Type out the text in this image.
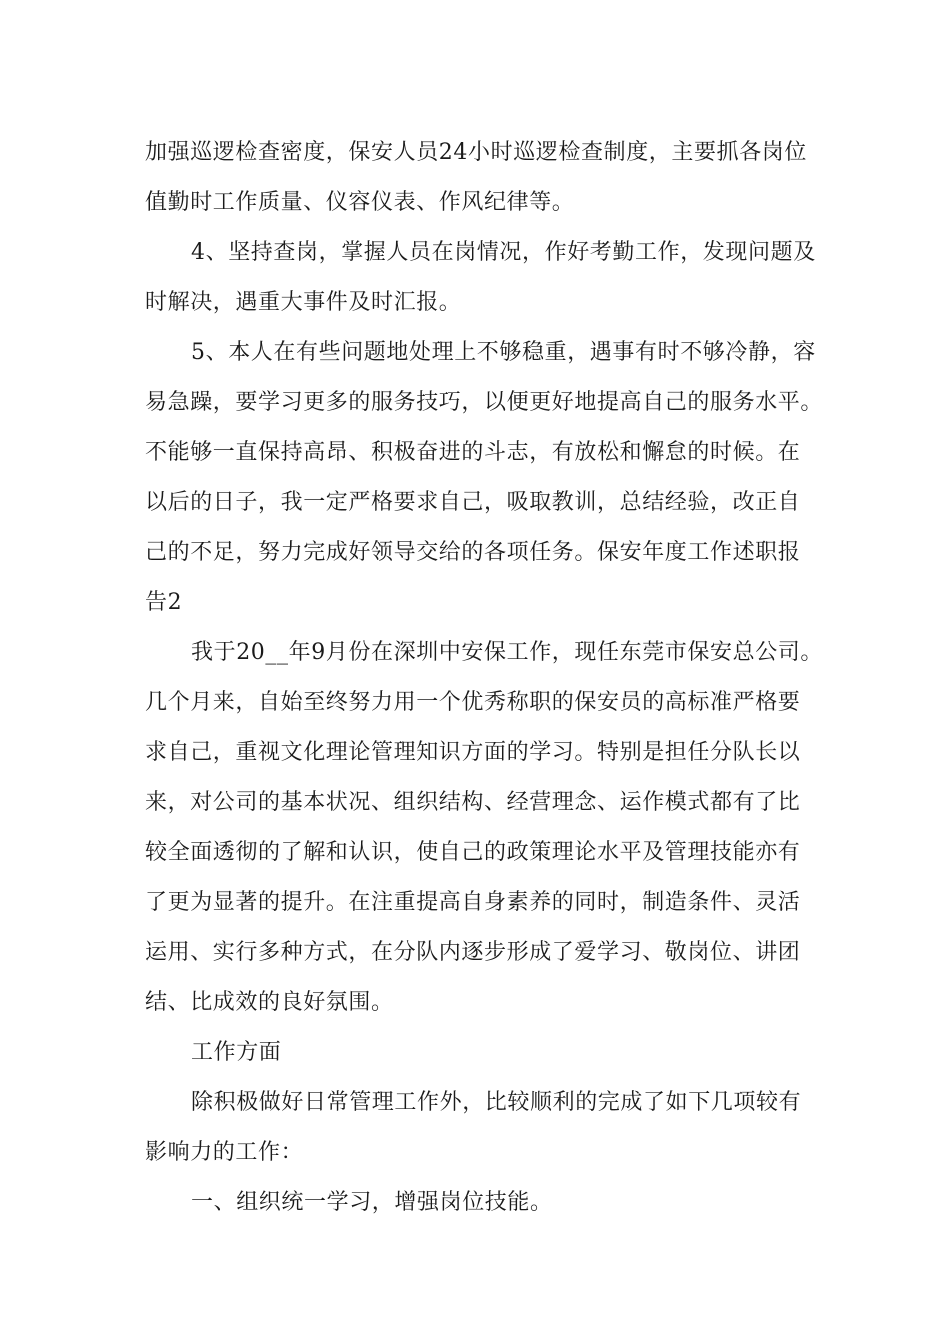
加强巡逻检查密度，保安人员24小时巡逻检查制度，主要抓各岗位
值勤时工作质量、仪容仪表、作风纪律等。
4、坚持查岗，掌握人员在岗情况，作好考勤工作，发现问题及
时解决，遇重大事件及时汇报。
5、本人在有些问题地处理上不够稳重，遇事有时不够冷静，容
易急躁，要学习更多的服务技巧，以便更好地提高自己的服务水平。
不能够一直保持高昂、积极奋进的斗志，有放松和懈怠的时候。在
以后的日子，我一定严格要求自己，吸取教训，总结经验，改正自
己的不足，努力完成好领导交给的各项任务。保安年度工作述职报
告2
我于20__年9月份在深圳中安保工作，现任东莞市保安总公司。
几个月来，自始至终努力用一个优秀称职的保安员的高标准严格要
求自己，重视文化理论管理知识方面的学习。特别是担任分队长以
来，对公司的基本状况、组织结构、经营理念、运作模式都有了比
较全面透彻的了解和认识，使自己的政策理论水平及管理技能亦有
了更为显著的提升。在注重提高自身素养的同时，制造条件、灵活
运用、实行多种方式，在分队内逐步形成了爱学习、敬岗位、讲团
结、比成效的良好氛围。
工作方面
除积极做好日常管理工作外，比较顺利的完成了如下几项较有
影响力的工作：
一、组织统一学习，增强岗位技能。
